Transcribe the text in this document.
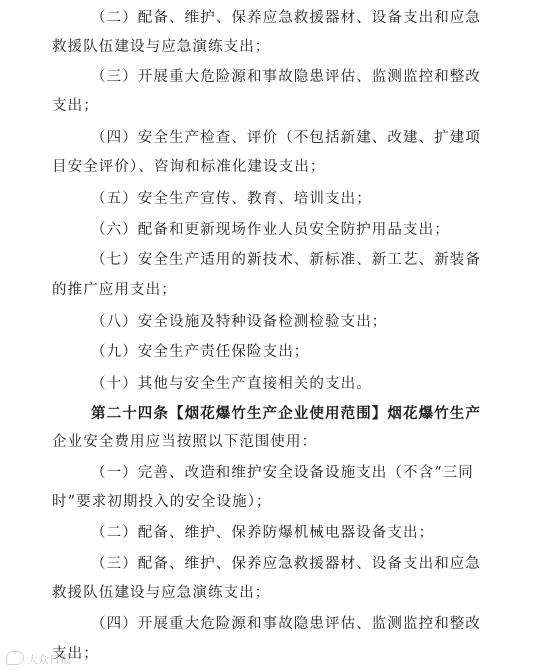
（二）配备、维护、保养应急救援器材、设备支出和应急
救援队伍建设与应急演练支出；
（三）开展重大危险源和事故隐患评估、监测监控和整改
支出；
（四）安全生产检查、评价（不包括新建、改建、扩建项
目安全评价）、咨询和标准化建设支出；
（五）安全生产宣传、教育、培训支出；
（六）配备和更新现场作业人员安全防护用品支出；
（七）安全生产适用的新技术、新标准、新工艺、新装备
的推广应用支出；
（八）安全设施及特种设备检测检验支出；
（九）安全生产责任保险支出；
（十）其他与安全生产直接相关的支出。
第二十四条【烟花爆竹生产企业使用范围】烟花爆竹生产
企业安全费用应当按照以下范围使用：
（一）完善、改造和维护安全设备设施支出（不含“三同
时”要求初期投入的安全设施）；
（二）配备、维护、保养防爆机械电器设备支出；
（三）配备、维护、保养应急救援器材、设备支出和应急
救援队伍建设与应急演练支出；
（四）开展重大危险源和事故隐患评估、监测监控和整改
支出；
大众日报
